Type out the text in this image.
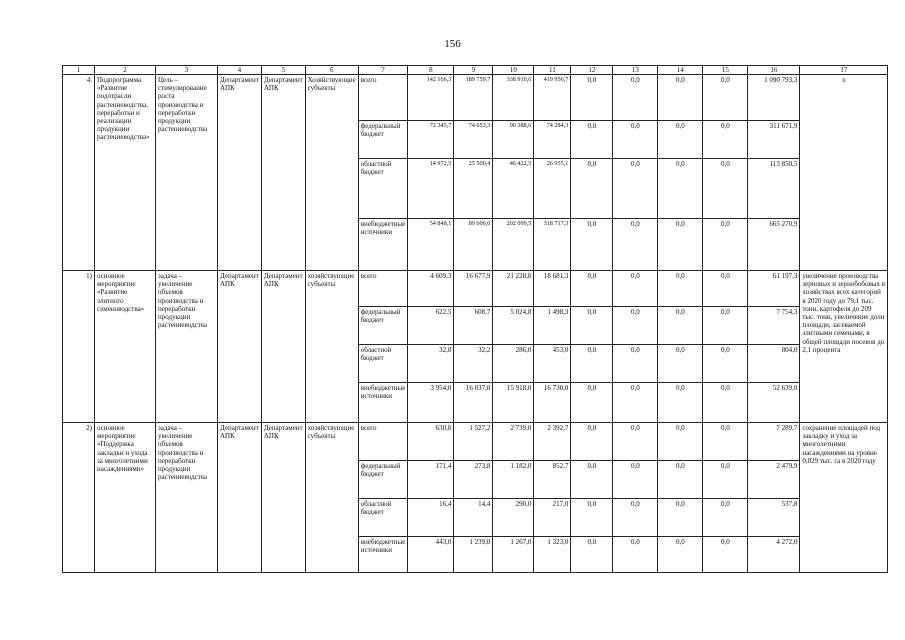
156
1	2	3	4	5	6	7	8	9	10	11	12	13	14	15	16	17
4.	Подпрограмма «Развитие подотрасли растениеводства, переработки и реализации продукции растениеводства»	Цель – стимулирование роста производства и переработки продукции растениеводства	Департамент АПК	Департамент АПК	Хозяйствующие субъекты	всего	142 166,3	189 759,7	338 910,6	419 956,7	0,0	0,0	0,0	0,0	1 090 793,3	х
						федеральный бюджет	72 345,7	74 653,3	90 388,6	74 284,3	0,0	0,0	0,0	0,0	311 671,9	
						областной бюджет	14 972,5	25 500,4	46 422,5	26 955,1	0,0	0,0	0,0	0,0	113 850,5	
						внебюджетные источники	54 848,1	89 606,0	202 099,5	318 717,3	0,0	0,0	0,0	0,0	665 270,9	
1)	основное мероприятие «Развитие элитного семеноводства»	задача – увеличение объемов производства и переработки продукции растениеводства	Департамент АПК	Департамент АПК	хозяйствующие субъекты	всего	4 609,3	16 677,9	21 228,8	18 681,3	0,0	0,0	0,0	0,0	61 197,3	увеличение производства зерновых и зернобобовых в хозяйствах всех категорий к 2020 году до 79,1 тыс. тонн, картофеля до 209 тыс. тонн, увеличение доли площади, засеваемой элитными семенами, в общей площади посевов до 2,1 процента
						федеральный бюджет	622,5	608,7	5 024,8	1 498,3	0,0	0,0	0,0	0,0	7 754,3	
						областной бюджет	32,8	32,2	286,0	453,0	0,0	0,0	0,0	0,0	804,0	
						внебюджетные источники	3 954,0	16 037,0	15 918,0	16 730,0	0,0	0,0	0,0	0,0	52 639,0	
2)	основное мероприятие «Поддержка закладки и ухода за многолетними насаждениями»	задача – увеличение объемов производства и переработки продукции растениеводства	Департамент АПК	Департамент АПК	хозяйствующие субъекты	всего	630,8	1 527,2	2 739,0	2 392,7	0,0	0,0	0,0	0,0	7 289,7	сохранение площадей под закладку и уход за многолетними насаждениями на уровне 0,029 тыс. га в 2020 году
						федеральный бюджет	171,4	273,8	1 182,0	852,7	0,0	0,0	0,0	0,0	2 479,9	
						областной бюджет	16,4	14,4	290,0	217,0	0,0	0,0	0,0	0,0	537,8	
						внебюджетные источники	443,0	1 239,0	1 267,0	1 323,0	0,0	0,0	0,0	0,0	4 272,0	
